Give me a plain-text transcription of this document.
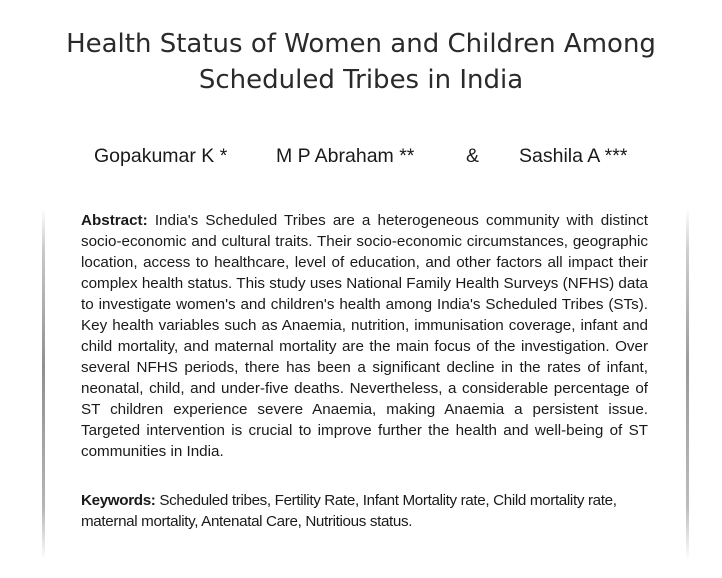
Health Status of Women and Children Among
Scheduled Tribes in India
Gopakumar K * M P Abraham **	& Sashila A ***

Abstract: India's Scheduled Tribes are a heterogeneous community with distinct socio-economic and cultural traits. Their socio-economic circumstances, geographic location, access to healthcare, level of education, and other factors all impact their complex health status. This study uses National Family Health Surveys (NFHS) data to investigate women's and children's health among India's Scheduled Tribes (STs). Key health variables such as Anaemia, nutrition, immunisation coverage, infant and child mortality, and maternal mortality are the main focus of the investigation. Over several NFHS periods, there has been a significant decline in the rates of infant, neonatal, child, and under-five deaths. Nevertheless, a considerable percentage of ST children experience severe Anaemia, making Anaemia a persistent issue. Targeted intervention is crucial to improve further the health and well-being of ST communities in India.

Keywords: Scheduled tribes, Fertility Rate, Infant Mortality rate, Child mortality rate, maternal mortality, Antenatal Care, Nutritious status.
